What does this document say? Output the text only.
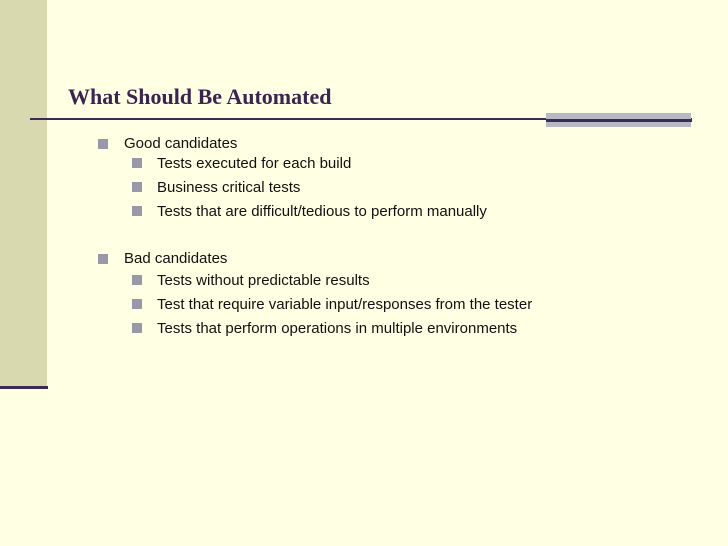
What Should Be Automated
Good candidates
Tests executed for each build
Business critical tests
Tests that are difficult/tedious to perform manually
Bad candidates
Tests without predictable results
Test that require variable input/responses from the tester
Tests that perform operations in multiple environments
